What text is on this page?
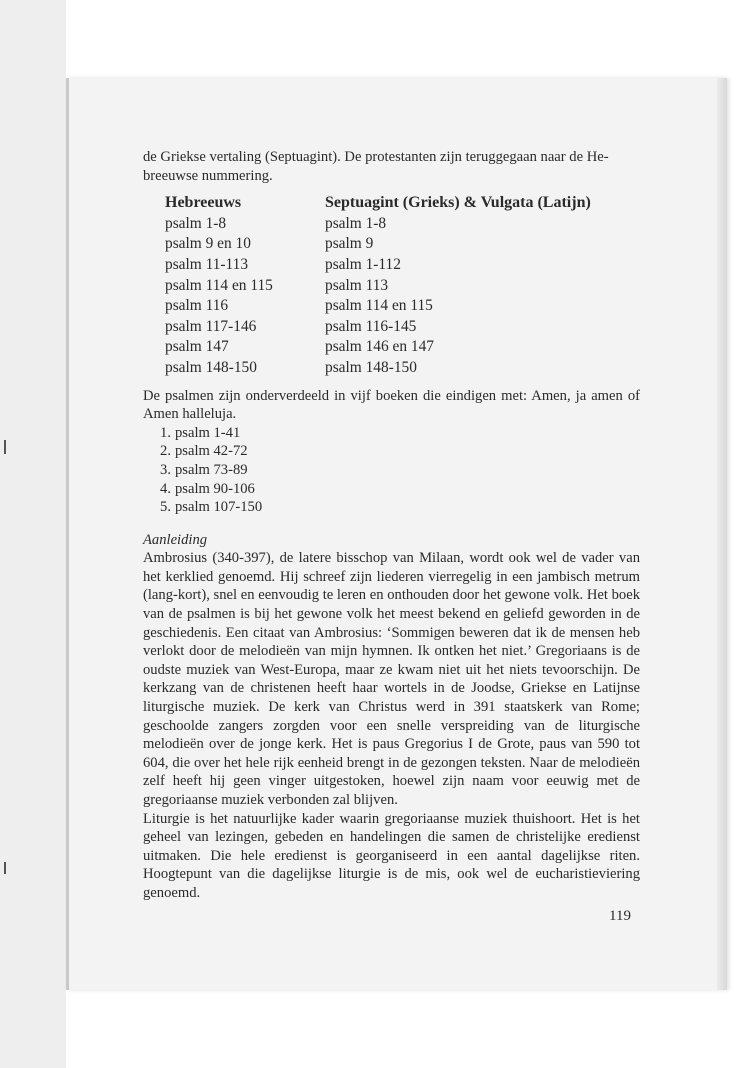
de Griekse vertaling (Septuagint). De protestanten zijn teruggegaan naar de He-
breeuwse nummering.

Hebreeuws	Septuagint (Grieks) & Vulgata (Latijn)
psalm 1-8	psalm 1-8
psalm 9 en 10	psalm 9
psalm 11-113	psalm 1-112
psalm 114 en 115	psalm 113
psalm 116	psalm 114 en 115
psalm 117-146	psalm 116-145
psalm 147	psalm 146 en 147
psalm 148-150	psalm 148-150

De psalmen zijn onderverdeeld in vijf boeken die eindigen met: Amen, ja amen of Amen halleluja.

1. psalm 1-41
2. psalm 42-72
3. psalm 73-89
4. psalm 90-106
5. psalm 107-150
Aanleiding

Ambrosius (340-397), de latere bisschop van Milaan, wordt ook wel de vader van het kerklied genoemd. Hij schreef zijn liederen vierregelig in een jambisch metrum (lang-kort), snel en eenvoudig te leren en onthouden door het gewone volk. Het boek van de psalmen is bij het gewone volk het meest bekend en geliefd geworden in de geschiedenis. Een citaat van Ambrosius: ‘Sommigen beweren dat ik de mensen heb verlokt door de melodieën van mijn hymnen. Ik ontken het niet.’ Gregoriaans is de oudste muziek van West-Europa, maar ze kwam niet uit het niets tevoorschijn. De kerkzang van de christenen heeft haar wortels in de Joodse, Griekse en Latijnse liturgische muziek. De kerk van Christus werd in 391 staatskerk van Rome; geschoolde zangers zorgden voor een snelle verspreiding van de liturgische melodieën over de jonge kerk. Het is paus Gregorius I de Grote, paus van 590 tot 604, die over het hele rijk eenheid brengt in de gezongen teksten. Naar de melodieën zelf heeft hij geen vinger uitgestoken, hoewel zijn naam voor eeuwig met de gregoriaanse muziek verbonden zal blijven.

Liturgie is het natuurlijke kader waarin gregoriaanse muziek thuishoort. Het is het geheel van lezingen, gebeden en handelingen die samen de christelijke eredienst uitmaken. Die hele eredienst is georganiseerd in een aantal dagelijkse riten. Hoogtepunt van die dagelijkse liturgie is de mis, ook wel de eucharistieviering genoemd.

119
